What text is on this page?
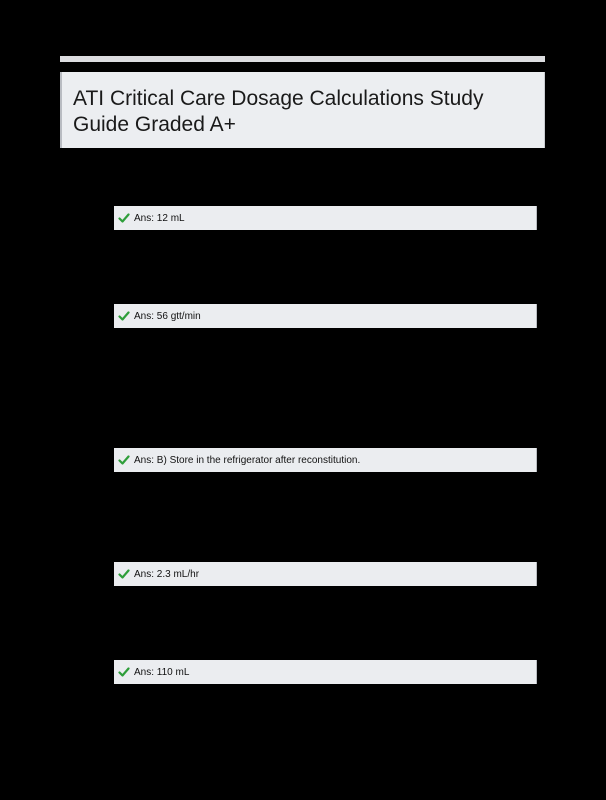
ATI Critical Care Dosage Calculations Study Guide Graded A+
Ans: 12 mL
Ans: 56 gtt/min
Ans: B) Store in the refrigerator after reconstitution.
Ans: 2.3 mL/hr
Ans: 110 mL
